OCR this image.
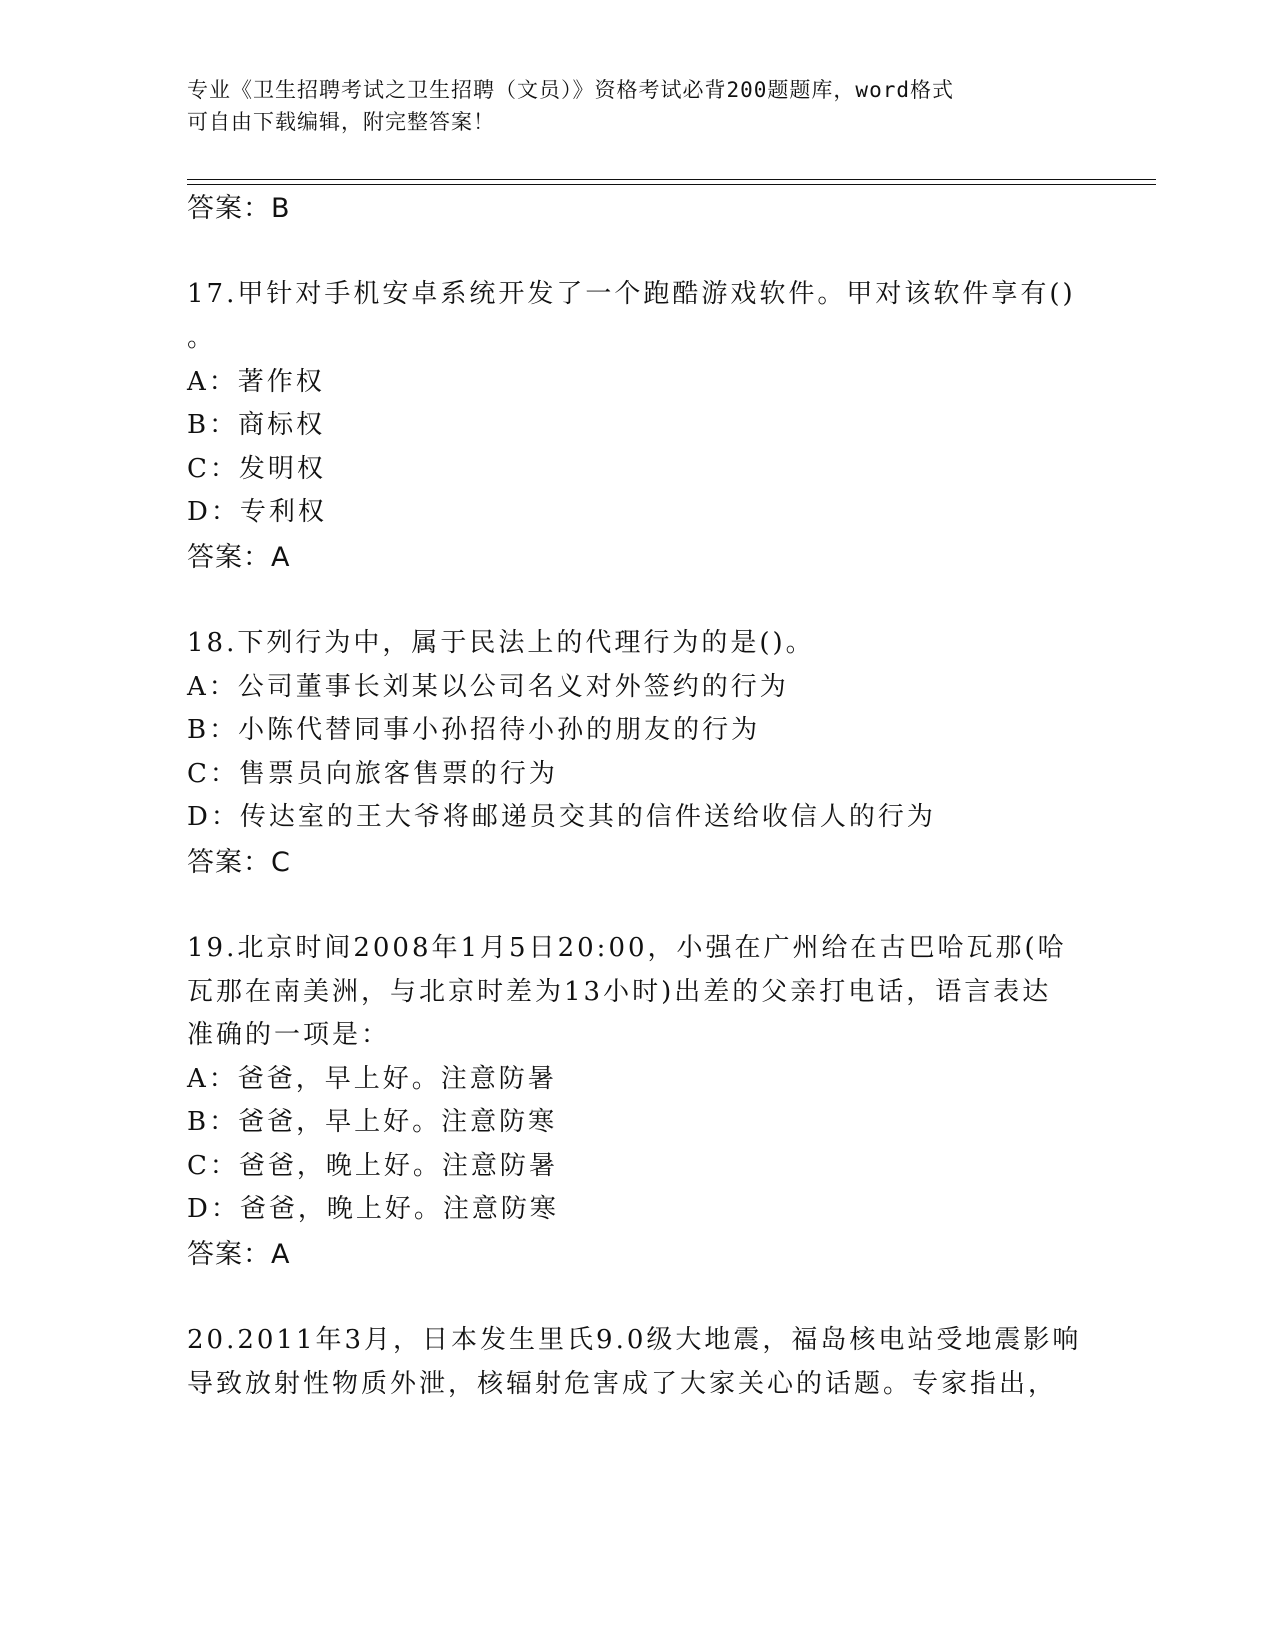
专业《卫生招聘考试之卫生招聘（文员）》资格考试必背200题题库，word格式
可自由下载编辑，附完整答案！
答案：B
17.甲针对手机安卓系统开发了一个跑酷游戏软件。甲对该软件享有()
。
A：著作权
B：商标权
C：发明权
D：专利权
答案：A
18.下列行为中，属于民法上的代理行为的是()。
A：公司董事长刘某以公司名义对外签约的行为
B：小陈代替同事小孙招待小孙的朋友的行为
C：售票员向旅客售票的行为
D：传达室的王大爷将邮递员交其的信件送给收信人的行为
答案：C
19.北京时间2008年1月5日20:00，小强在广州给在古巴哈瓦那(哈
瓦那在南美洲，与北京时差为13小时)出差的父亲打电话，语言表达
准确的一项是：
A：爸爸，早上好。注意防暑
B：爸爸，早上好。注意防寒
C：爸爸，晚上好。注意防暑
D：爸爸，晚上好。注意防寒
答案：A
20.2011年3月，日本发生里氏9.0级大地震，福岛核电站受地震影响
导致放射性物质外泄，核辐射危害成了大家关心的话题。专家指出，
